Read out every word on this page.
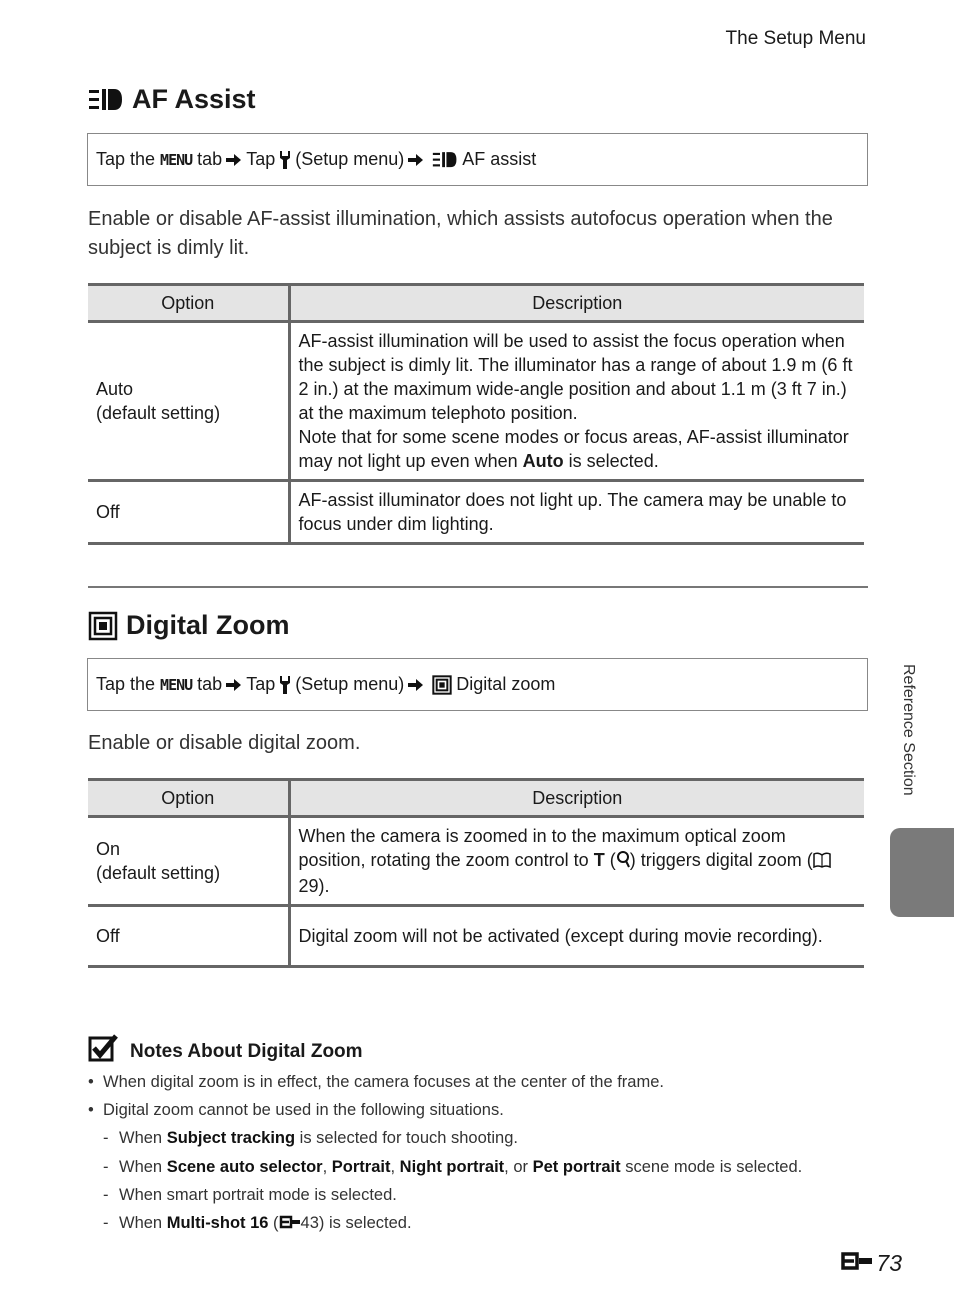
The Setup Menu
AF Assist
Tap the MENU tab Tap (Setup menu)	AF assist

Enable or disable AF-assist illumination, which assists autofocus operation when the subject is dimly lit.

Option	Description
Auto
(default setting)	AF-assist illumination will be used to assist the focus operation when the subject is dimly lit. The illuminator has a range of about 1.9 m (6 ft 2 in.) at the maximum wide-angle position and about 1.1 m (3 ft 7 in.) at the maximum telephoto position.
Note that for some scene modes or focus areas, AF-assist illuminator may not light up even when Auto is selected.
Off	AF-assist illuminator does not light up. The camera may be unable to focus under dim lighting.
Digital Zoom
Tap the MENU tab Tap (Setup menu)	Digital zoom

Enable or disable digital zoom.

Option	Description
On
(default setting)	When the camera is zoomed in to the maximum optical zoom position, rotating the zoom control to T ( ) triggers digital zoom (29).
Off	Digital zoom will not be activated (except during movie recording).
Notes About Digital Zoom
• When digital zoom is in effect, the camera focuses at the center of the frame.
• Digital zoom cannot be used in the following situations.
- When Subject tracking is selected for touch shooting.
- When Scene auto selector, Portrait, Night portrait, or Pet portrait scene mode is selected.
- When smart portrait mode is selected.
- When Multi-shot 16 ( 43) is selected.
Reference Section
73
